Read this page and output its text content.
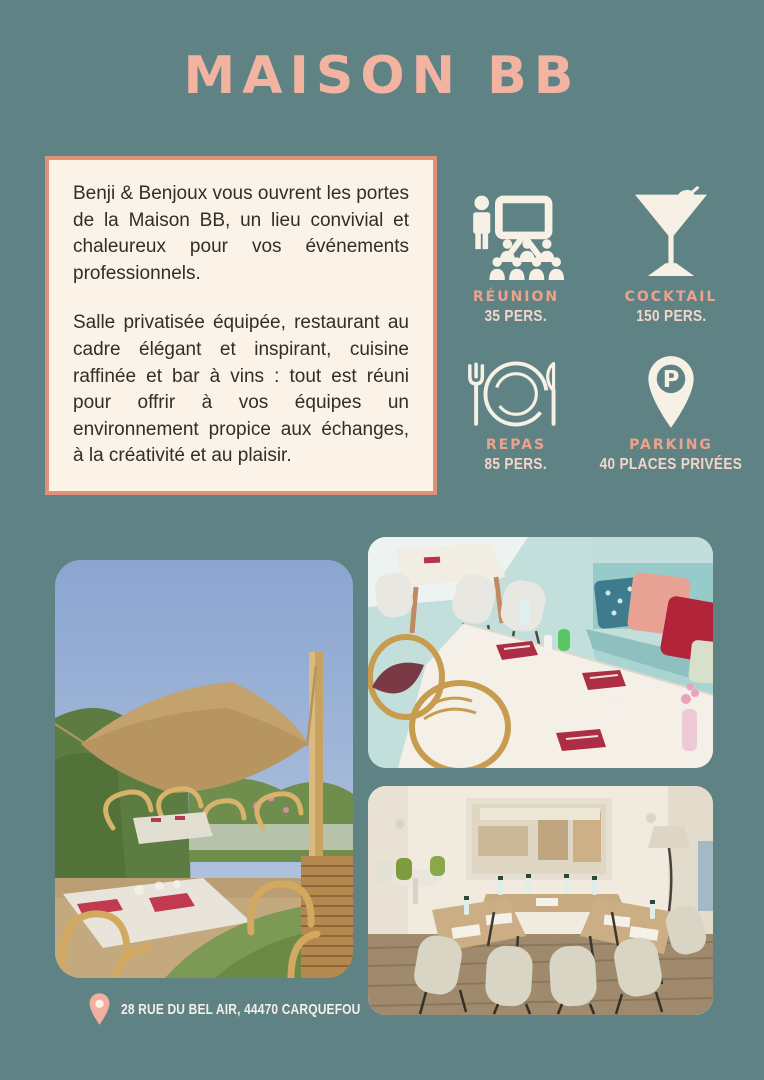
MAISON BB

Benji & Benjoux vous ouvrent les portes de la Maison BB, un lieu convivial et chaleureux pour vos événements professionnels.

Salle privatisée équipée, restaurant au cadre élégant et inspirant, cuisine raffinée et bar à vins : tout est réuni pour offrir à vos équipes un environnement propice aux échanges, à la créativité et au plaisir.

RÉUNION
35 PERS.
COCKTAIL
150 PERS.
REPAS
85 PERS.
P
PARKING
40 PLACES PRIVÉES
28 RUE DU BEL AIR, 44470 CARQUEFOU
